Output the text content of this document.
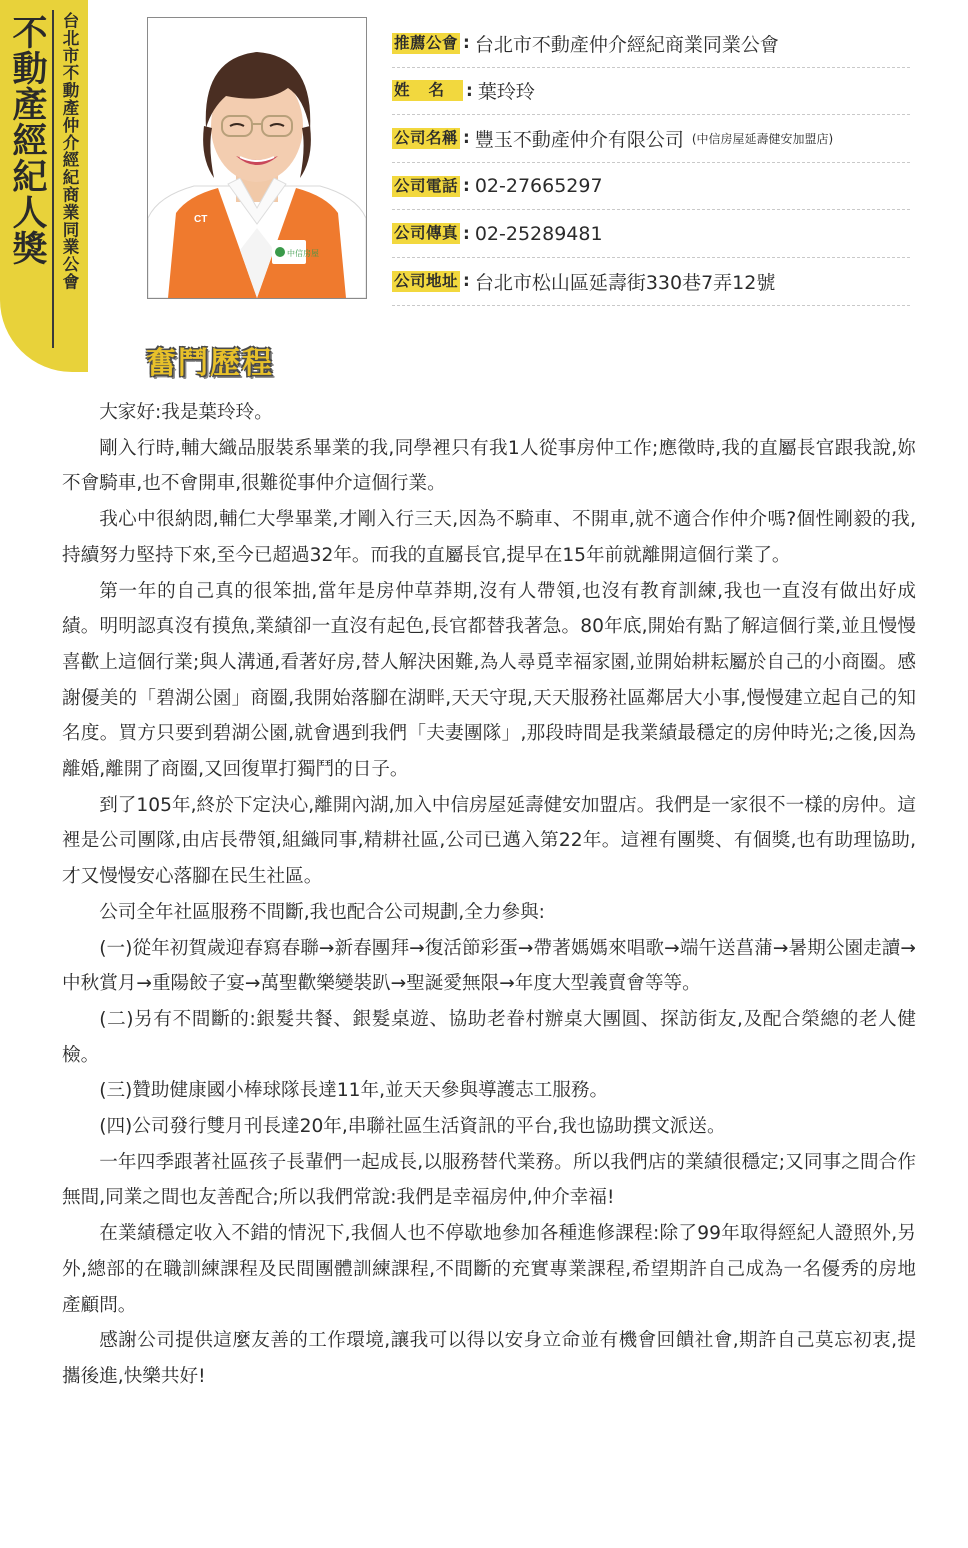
不動產經紀人獎 台北市不動產仲介經紀商業同業公會	CT
中信房屋
推薦公會 : 台北市不動產仲介經紀商業同業公會
姓名 : 葉玲玲
公司名稱 : 豐玉不動產仲介有限公司 (中信房屋延壽健安加盟店)
公司電話 : 02-27665297
公司傳真 : 02-25289481
公司地址 : 台北市松山區延壽街330巷7弄12號
奮鬥歷程

大家好:我是葉玲玲。

剛入行時,輔大織品服裝系畢業的我,同學裡只有我1人從事房仲工作;應徵時,我的直屬長官跟我說,妳不會騎車,也不會開車,很難從事仲介這個行業。

我心中很納悶,輔仁大學畢業,才剛入行三天,因為不騎車、不開車,就不適合作仲介嗎?個性剛毅的我,持續努力堅持下來,至今已超過32年。而我的直屬長官,提早在15年前就離開這個行業了。

第一年的自己真的很笨拙,當年是房仲草莽期,沒有人帶領,也沒有教育訓練,我也一直沒有做出好成績。明明認真沒有摸魚,業績卻一直沒有起色,長官都替我著急。80年底,開始有點了解這個行業,並且慢慢喜歡上這個行業;與人溝通,看著好房,替人解決困難,為人尋覓幸福家園,並開始耕耘屬於自己的小商圈。感謝優美的「碧湖公園」商圈,我開始落腳在湖畔,天天守現,天天服務社區鄰居大小事,慢慢建立起自己的知名度。買方只要到碧湖公園,就會遇到我們「夫妻團隊」,那段時間是我業績最穩定的房仲時光;之後,因為離婚,離開了商圈,又回復單打獨鬥的日子。

到了105年,終於下定決心,離開內湖,加入中信房屋延壽健安加盟店。我們是一家很不一樣的房仲。這裡是公司團隊,由店長帶領,組織同事,精耕社區,公司已邁入第22年。這裡有團獎、有個獎,也有助理協助,才又慢慢安心落腳在民生社區。

公司全年社區服務不間斷,我也配合公司規劃,全力參與:

(一)從年初賀歲迎春寫春聯→新春團拜→復活節彩蛋→帶著媽媽來唱歌→端午送菖蒲→暑期公園走讀→中秋賞月→重陽餃子宴→萬聖歡樂變裝趴→聖誕愛無限→年度大型義賣會等等。

(二)另有不間斷的:銀髮共餐、銀髮桌遊、協助老眷村辦桌大團圓、探訪街友,及配合榮總的老人健檢。

(三)贊助健康國小棒球隊長達11年,並天天參與導護志工服務。

(四)公司發行雙月刊長達20年,串聯社區生活資訊的平台,我也協助撰文派送。

一年四季跟著社區孩子長輩們一起成長,以服務替代業務。所以我們店的業績很穩定;又同事之間合作無間,同業之間也友善配合;所以我們常說:我們是幸福房仲,仲介幸福!

在業績穩定收入不錯的情況下,我個人也不停歇地參加各種進修課程:除了99年取得經紀人證照外,另外,總部的在職訓練課程及民間團體訓練課程,不間斷的充實專業課程,希望期許自己成為一名優秀的房地產顧問。

感謝公司提供這麼友善的工作環境,讓我可以得以安身立命並有機會回饋社會,期許自己莫忘初衷,提攜後進,快樂共好!
